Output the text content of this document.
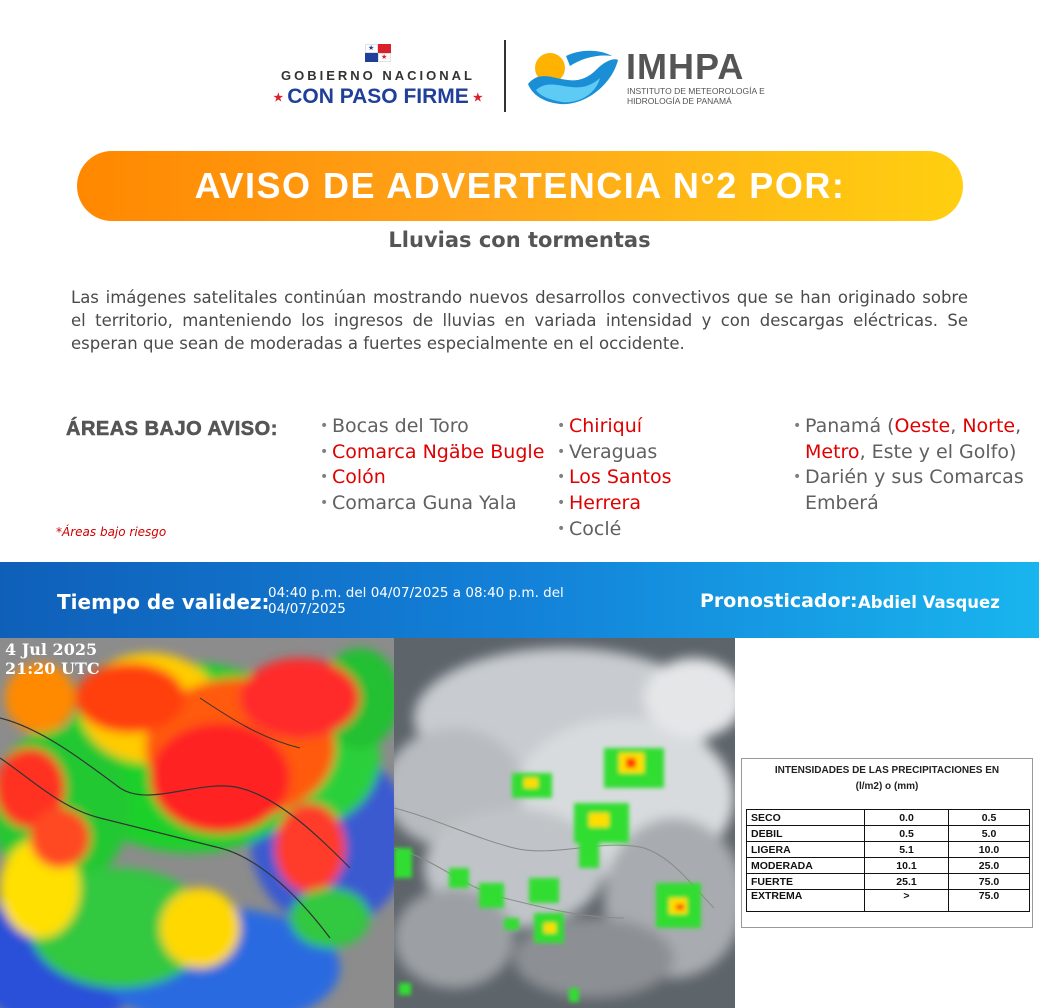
★
★
GOBIERNO NACIONAL
★ CON PASO FIRME ★
IMHPA
INSTITUTO DE METEOROLOGÍA E HIDROLOGÍA DE PANAMÁ
AVISO DE ADVERTENCIA N°2 POR:
Lluvias con tormentas
Las imágenes satelitales continúan mostrando nuevos desarrollos convectivos que se han originado sobre el territorio, manteniendo los ingresos de lluvias en variada intensidad y con descargas eléctricas. Se esperan que sean de moderadas a fuertes especialmente en el occidente.
ÁREAS BAJO AVISO:
*Áreas bajo riesgo
• Bocas del Toro
• Comarca Ngäbe Bugle
• Colón
• Comarca Guna Yala
• Chiriquí
• Veraguas
• Los Santos
• Herrera
• Coclé
• Panamá (Oeste, Norte, Metro, Este y el Golfo)
• Darién y sus Comarcas Emberá
Tiempo de validez:
04:40 p.m. del 04/07/2025 a 08:40 p.m. del 04/07/2025	Pronosticador: Abdiel Vasquez
4 Jul 2025
21:20 UTC
INTENSIDADES DE LAS PRECIPITACIONES EN
(l/m2) o (mm)
SECO	0.0	0.5
DEBIL	0.5	5.0
LIGERA	5.1	10.0
MODERADA	10.1	25.0
FUERTE	25.1	75.0
EXTREMA	>	75.0
